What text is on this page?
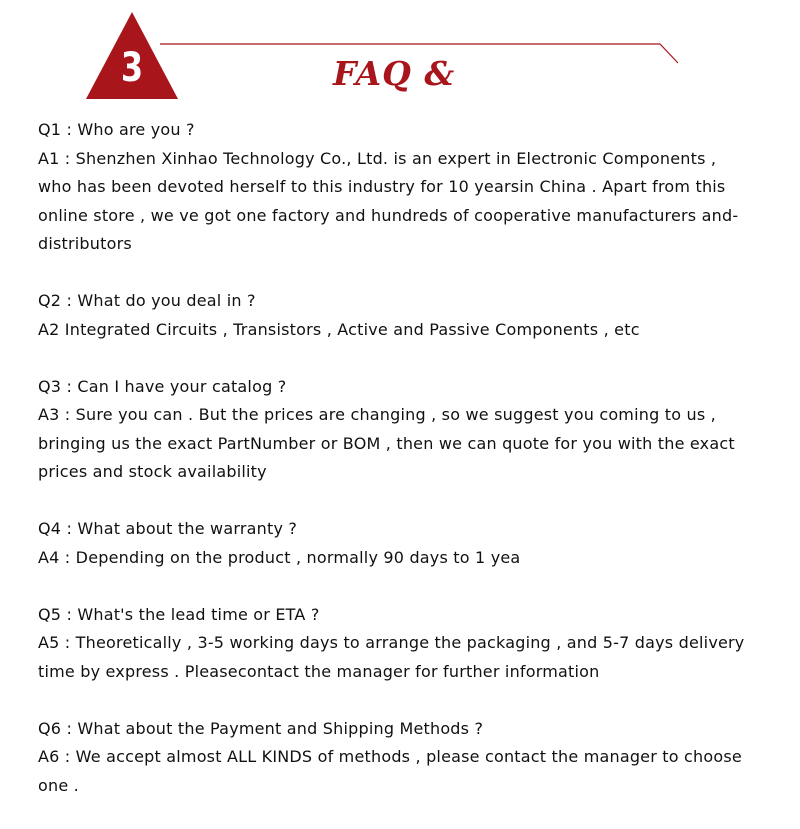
3	FAQ &

Q1 : Who are you ?

A1 : Shenzhen Xinhao Technology Co., Ltd. is an expert in Electronic Components ,

who has been devoted herself to this industry for 10 yearsin China . Apart from this

online store , we ve got one factory and hundreds of cooperative manufacturers and-

distributors

Q2 : What do you deal in ?

A2 Integrated Circuits , Transistors , Active and Passive Components , etc

Q3 : Can I have your catalog ?

A3 : Sure you can . But the prices are changing , so we suggest you coming to us ,

bringing us the exact PartNumber or BOM , then we can quote for you with the exact

prices and stock availability

Q4 : What about the warranty ?

A4 : Depending on the product , normally 90 days to 1 yea

Q5 : What's the lead time or ETA ?

A5 : Theoretically , 3-5 working days to arrange the packaging , and 5-7 days delivery

time by express . Pleasecontact the manager for further information

Q6 : What about the Payment and Shipping Methods ?

A6 : We accept almost ALL KINDS of methods , please contact the manager to choose

one .
